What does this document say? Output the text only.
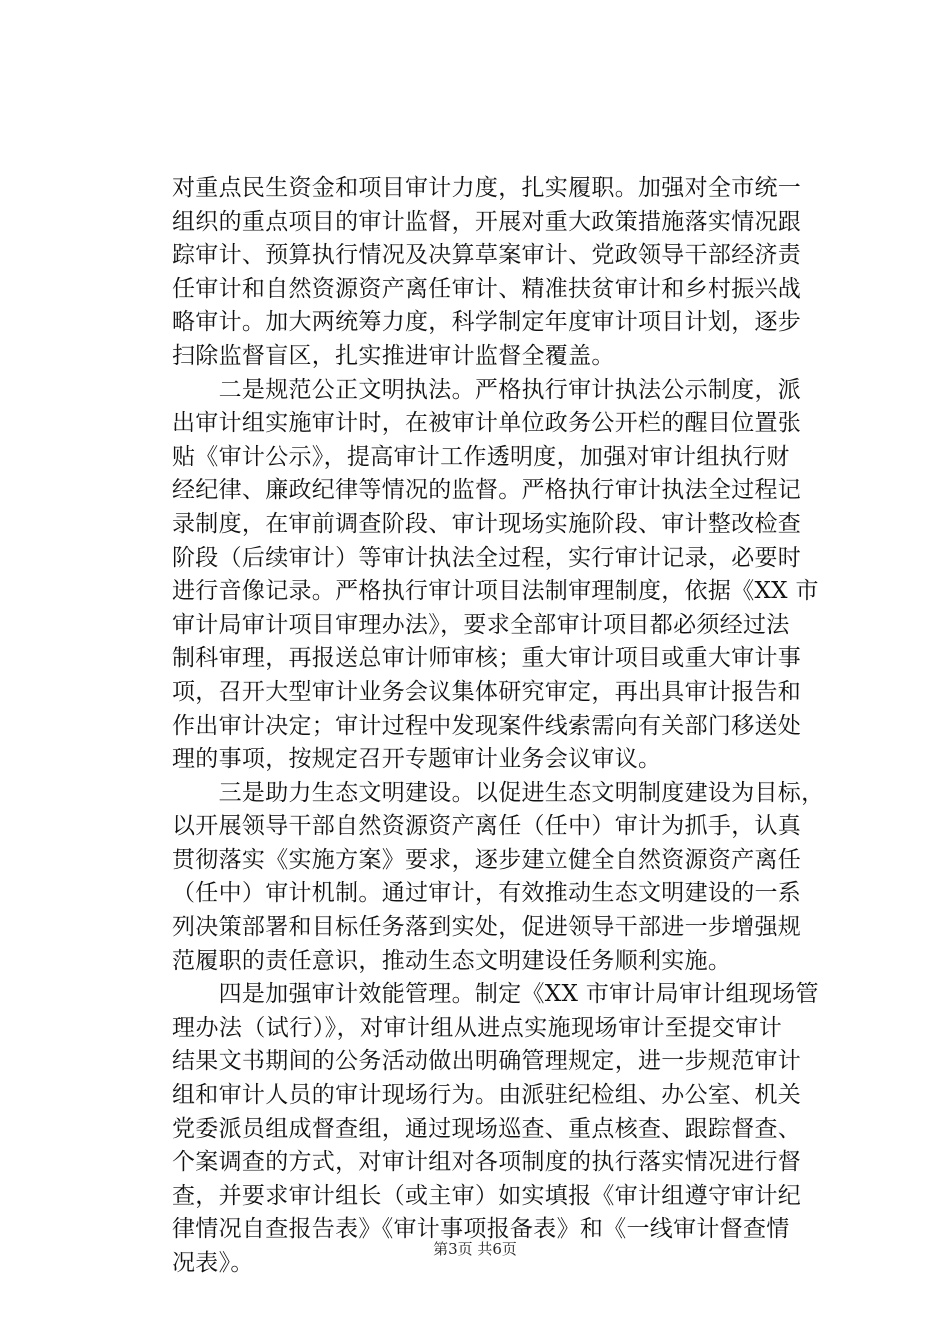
对重点民生资金和项目审计力度，扎实履职。加强对全市统一
组织的重点项目的审计监督，开展对重大政策措施落实情况跟
踪审计、预算执行情况及决算草案审计、党政领导干部经济责
任审计和自然资源资产离任审计、精准扶贫审计和乡村振兴战
略审计。加大两统筹力度，科学制定年度审计项目计划，逐步
扫除监督盲区，扎实推进审计监督全覆盖。
　　二是规范公正文明执法。严格执行审计执法公示制度，派
出审计组实施审计时，在被审计单位政务公开栏的醒目位置张
贴《审计公示》，提高审计工作透明度，加强对审计组执行财
经纪律、廉政纪律等情况的监督。严格执行审计执法全过程记
录制度，在审前调查阶段、审计现场实施阶段、审计整改检查
阶段（后续审计）等审计执法全过程，实行审计记录，必要时
进行音像记录。严格执行审计项目法制审理制度，依据《XX 市
审计局审计项目审理办法》，要求全部审计项目都必须经过法
制科审理，再报送总审计师审核；重大审计项目或重大审计事
项，召开大型审计业务会议集体研究审定，再出具审计报告和
作出审计决定；审计过程中发现案件线索需向有关部门移送处
理的事项，按规定召开专题审计业务会议审议。
　　三是助力生态文明建设。以促进生态文明制度建设为目标，
以开展领导干部自然资源资产离任（任中）审计为抓手，认真
贯彻落实《实施方案》要求，逐步建立健全自然资源资产离任
（任中）审计机制。通过审计，有效推动生态文明建设的一系
列决策部署和目标任务落到实处，促进领导干部进一步增强规
范履职的责任意识，推动生态文明建设任务顺利实施。
　　四是加强审计效能管理。制定《XX 市审计局审计组现场管
理办法（试行）》，对审计组从进点实施现场审计至提交审计
结果文书期间的公务活动做出明确管理规定，进一步规范审计
组和审计人员的审计现场行为。由派驻纪检组、办公室、机关
党委派员组成督查组，通过现场巡查、重点核查、跟踪督查、
个案调查的方式，对审计组对各项制度的执行落实情况进行督
查，并要求审计组长（或主审）如实填报《审计组遵守审计纪
律情况自查报告表》《审计事项报备表》和《一线审计督查情
况表》。
第3页 共6页
